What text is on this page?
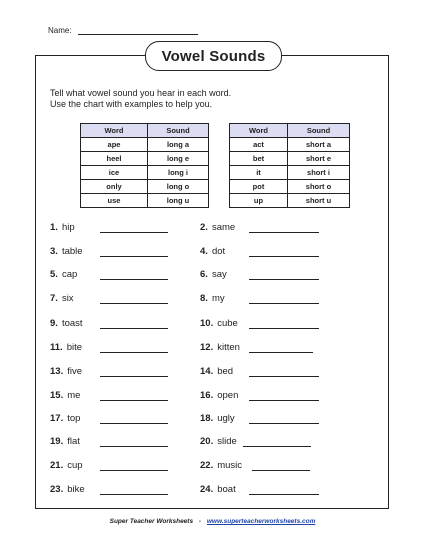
Name:
Vowel Sounds
Tell what vowel sound you hear in each word.
Use the chart with examples to help you.
Word	Sound
ape	long a
heel	long e
ice	long i
only	long o
use	long u
Word	Sound
act	short a
bet	short e
it	short i
pot	short o
up	short u
1. hip	2. same
3. table	4. dot
5. cap	6. say
7. six	8. my
9. toast	10. cube
11. bite	12. kitten
13. five	14. bed
15. me	16. open
17. top	18. ugly
19. flat	20. slide
21. cup	22. music
23. bike	24. boat
Super Teacher Worksheets - www.superteacherworksheets.com
